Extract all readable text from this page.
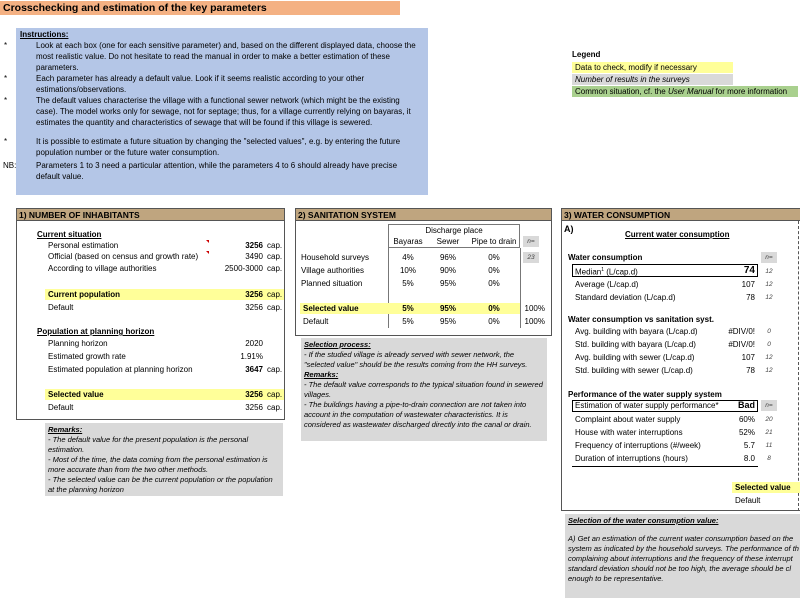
Crosschecking and estimation of the key parameters
Instructions:
*	Look at each box (one for each sensitive parameter) and, based on the different displayed data, choose the most realistic value. Do not hesitate to read the manual in order to make a better estimation of these parameters.
*	Each parameter has already a default value. Look if it seems realistic according to your other estimations/observations.
*	The default values characterise the village with a functional sewer network (which might be the existing case). The model works only for sewage, not for septage; thus, for a village currently relying on bayaras, it estimates the quantity and characteristics of sewage that will be found if this village is sewered.
*	It is possible to estimate a future situation by changing the "selected values", e.g. by entering the future population number or the future water consumption.
NB: Parameters 1 to 3 need a particular attention, while the parameters 4 to 6 should already have precise default value.
Legend
Data to check, modify if necessary
Number of results in the surveys
Common situation, cf. the User Manual for more information
1) NUMBER OF INHABITANTS
Current situation
Personal estimation	3256 cap.
Official (based on census and growth rate)	3490 cap.
According to village authorities	2500-3000 cap.
Current population	3256 cap.
Default	3256 cap.
Population at planning horizon
Planning horizon	2020
Estimated growth rate	1.91%
Estimated population at planning horizon	3647 cap.
Selected value	3256 cap.
Default	3256 cap.
Remarks:
- The default value for the present population is the personal estimation.
- Most of the time, the data coming from the personal estimation is more accurate than from the two other methods.
- The selected value can be the current population or the population at the planning horizon
2) SANITATION SYSTEM
Discharge place
Bayaras	Sewer	Pipe to drain	n=
Household surveys	4%	96%	0%	23
Village authorities	10%	90%	0%
Planned situation	5%	95%	0%
Selected value	5%	95%	0%	100%
Default	5%	95%	0%	100%
Selection process:
- If the studied village is already served with sewer network, the "selected value" should be the results coming from the HH surveys.
Remarks:
- The default value corresponds to the typical situation found in sewered villages.
- The buildings having a pipe-to-drain connection are not taken into account in the computation of wastewater characteristics. It is considered as wastewater discharged directly into the canal or drain.
3) WATER CONSUMPTION
A)
Current water consumption
Water consumption	n=
Median$^1$ (L/cap.d)	74	12
Average (L/cap.d)	107	12
Standard deviation (L/cap.d)	78	12
Water consumption vs sanitation syst.
Avg. building with bayara (L/cap.d)	#DIV/0!	0
Std. building with bayara (L/cap.d)	#DIV/0!	0
Avg. building with sewer (L/cap.d)	107	12
Std. building with sewer (L/cap.d)	78	12
Performance of the water supply system
Estimation of water supply performance*	Bad	n=
Complaint about water supply	60%	20
House with water interruptions	52%	21
Frequency of interruptions (#/week)	5.7	11
Duration of interruptions (hours)	8.0	8
Selected value
Default
Selection of the water consumption value:
A) Get an estimation of the current water consumption based on the system as indicated by the household surveys. The performance of th complaining about interruptions and the frequency of these interrupt standard deviation should not be too high, the average should be cl enough to be representative.
